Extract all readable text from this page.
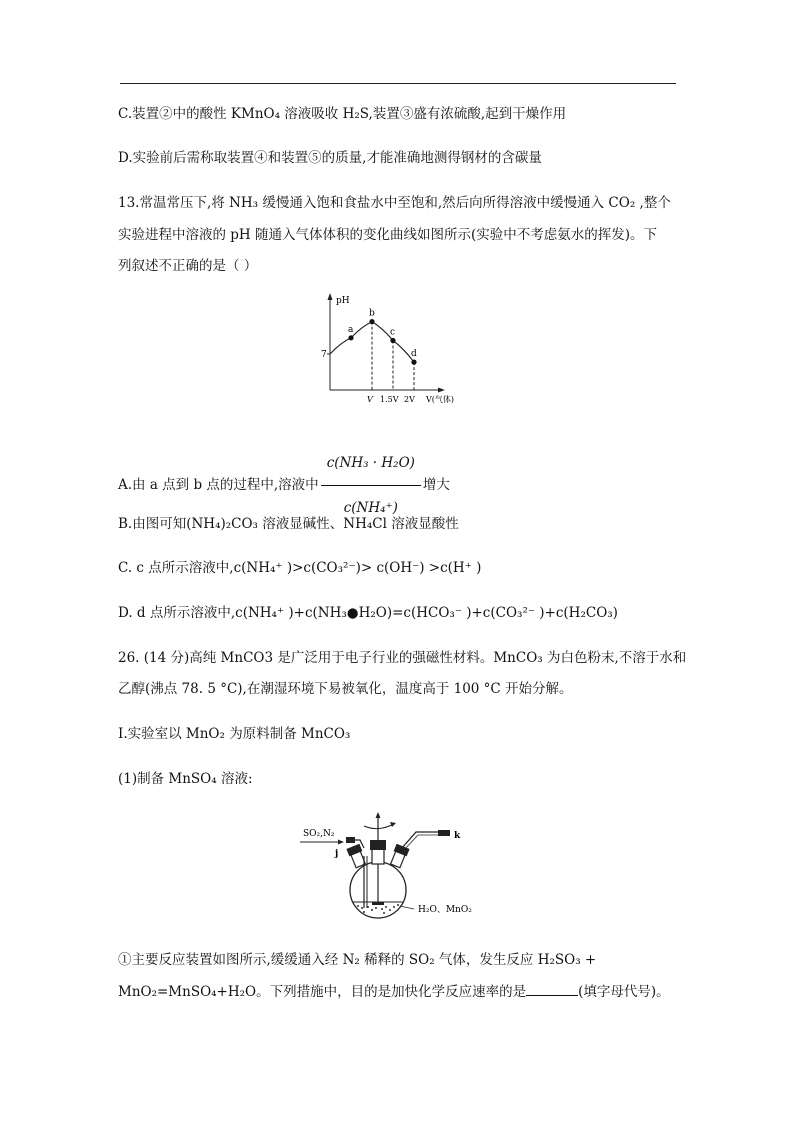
C.装置②中的酸性 KMnO₄ 溶液吸收 H₂S,装置③盛有浓硫酸,起到干燥作用
D.实验前后需称取装置④和装置⑤的质量,才能准确地测得钢材的含碳量
13.常温常压下,将 NH₃ 缓慢通入饱和食盐水中至饱和,然后向所得溶液中缓慢通入 CO₂ ,整个
实验进程中溶液的 pH 随通入气体体积的变化曲线如图所示(实验中不考虑氨水的挥发)。下
列叙述不正确的是（ ）
pH
7
a
b
c
d
V 1.5V 2V V(气体)
A.由 a 点到 b 点的过程中,溶液中 $\frac{\text{c(NH₃ · H₂O)}}{\text{c(NH₄⁺)}}$ 增大
B.由图可知(NH₄)₂CO₃ 溶液显碱性、NH₄Cl 溶液显酸性
C. c 点所示溶液中,c(NH₄⁺ )>c(CO₃²⁻)> c(OH⁻) >c(H⁺ )
D. d 点所示溶液中,c(NH₄⁺ )+c(NH₃●H₂O)=c(HCO₃⁻ )+c(CO₃²⁻ )+c(H₂CO₃)
26. (14 分)高纯 MnCO3 是广泛用于电子行业的强磁性材料。MnCO₃ 为白色粉末,不溶于水和
乙醇(沸点 78. 5 °C),在潮湿环境下易被氧化，温度高于 100 °C 开始分解。
I.实验室以 MnO₂ 为原料制备 MnCO₃
(1)制备 MnSO₄ 溶液:
SO₂,N₂
j
k
H₂O、MnO₂
①主要反应装置如图所示,缓缓通入经 N₂ 稀释的 SO₂ 气体，发生反应 H₂SO₃ +
MnO₂=MnSO₄+H₂O。下列措施中，目的是加快化学反应速率的是	(填字母代号)。
